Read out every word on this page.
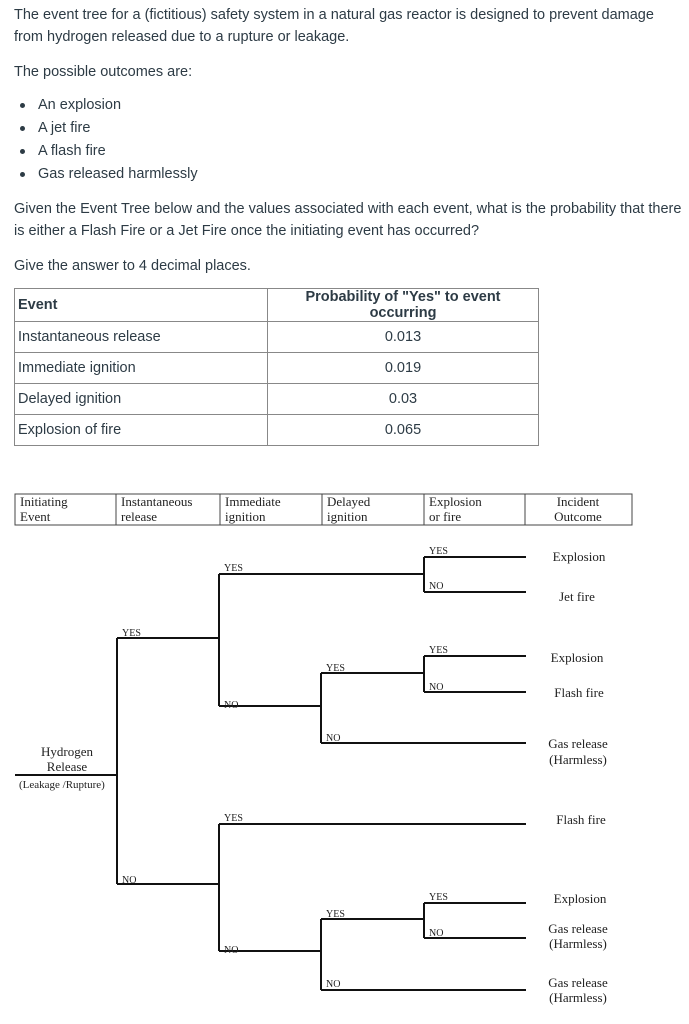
The event tree for a (fictitious) safety system in a natural gas reactor is designed to prevent damage from hydrogen released due to a rupture or leakage.

The possible outcomes are:

An explosion
A jet fire
A flash fire
Gas released harmlessly

Given the Event Tree below and the values associated with each event, what is the probability that there is either a Flash Fire or a Jet Fire once the initiating event has occurred?

Give the answer to 4 decimal places.

Event	Probability of "Yes" to event occurring
Instantaneous release	0.013
Immediate ignition	0.019
Delayed ignition	0.03
Explosion of fire	0.065
Initiating
Event
Instantaneous
release
Immediate
ignition
Delayed
ignition
Explosion
or fire
Incident
Outcome
Hydrogen
Release
(Leakage /Rupture)
YES
NO
YES
NO
YES
NO
YES
NO
YES
NO
YES
NO
YES
NO
YES
NO
Explosion
Jet fire
Explosion
Flash fire
Gas release
(Harmless)
Flash fire
Explosion
Gas release
(Harmless)
Gas release
(Harmless)
